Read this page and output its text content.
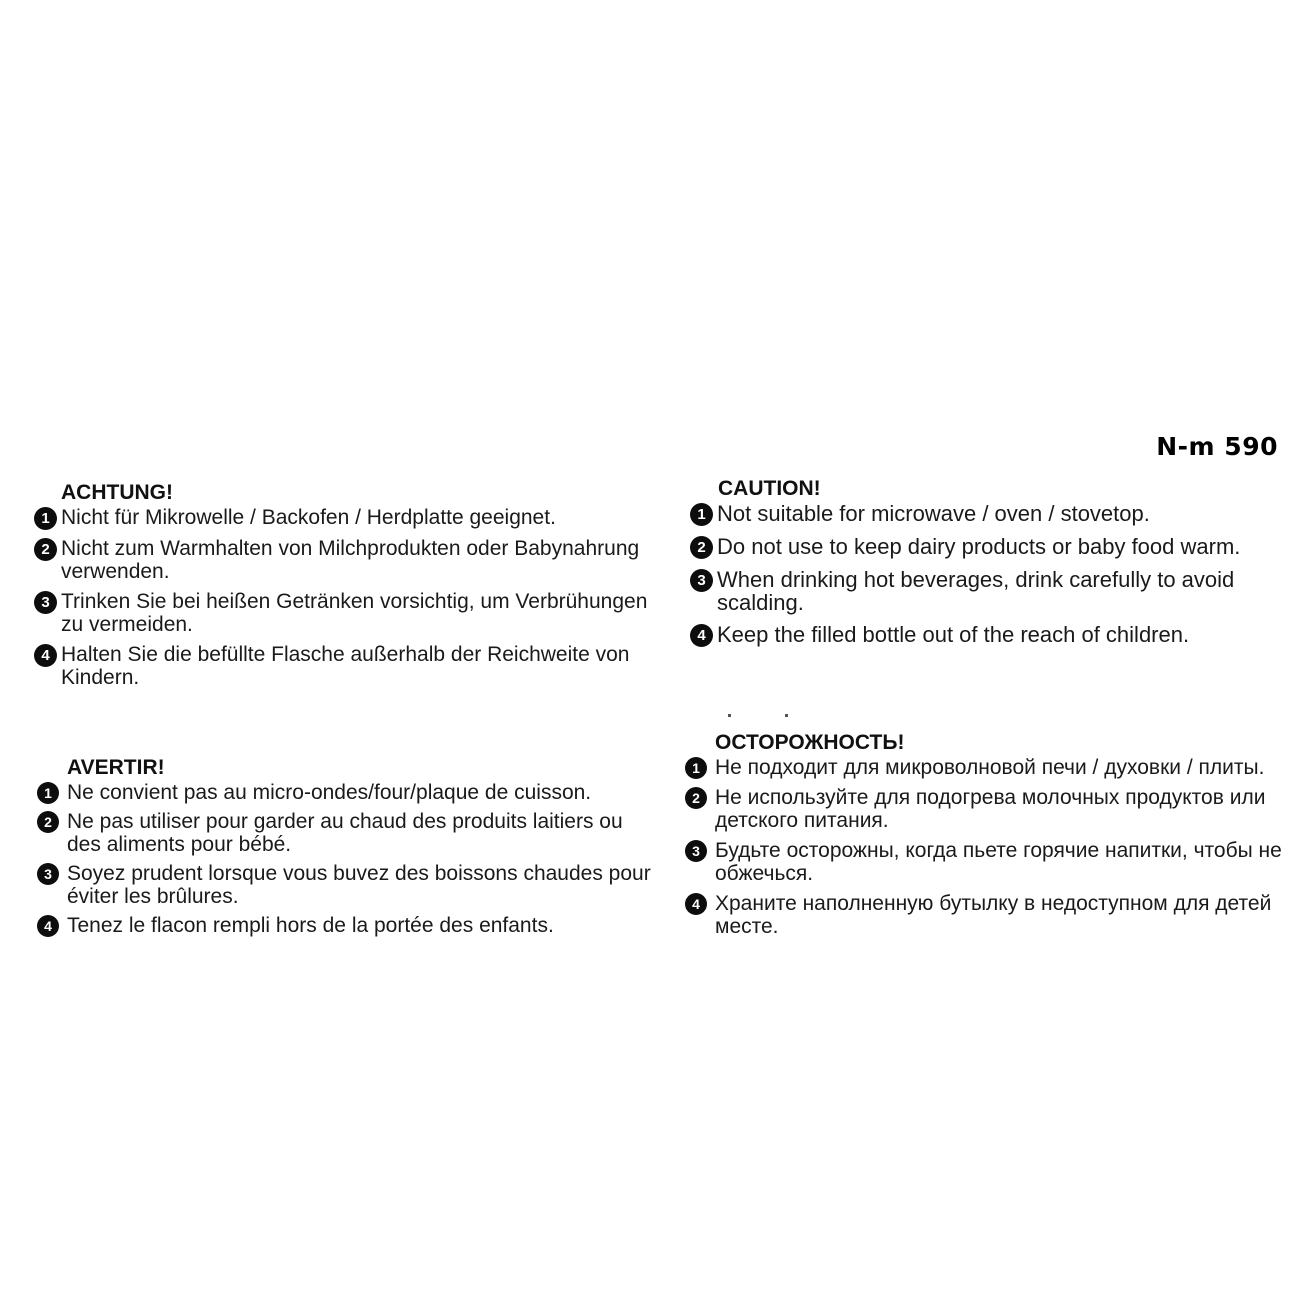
N-m 590
ACHTUNG!
1 Nicht für Mikrowelle / Backofen / Herdplatte geeignet.
2 Nicht zum Warmhalten von Milchprodukten oder Babynahrung verwenden.
3 Trinken Sie bei heißen Getränken vorsichtig, um Verbrühungen zu vermeiden.
4 Halten Sie die befüllte Flasche außerhalb der Reichweite von Kindern.
CAUTION!
1 Not suitable for microwave / oven / stovetop.
2 Do not use to keep dairy products or baby food warm.
3 When drinking hot beverages, drink carefully to avoid scalding.
4 Keep the filled bottle out of the reach of children.
AVERTIR!
1 Ne convient pas au micro-ondes/four/plaque de cuisson.
2 Ne pas utiliser pour garder au chaud des produits laitiers ou des aliments pour bébé.
3 Soyez prudent lorsque vous buvez des boissons chaudes pour éviter les brûlures.
4 Tenez le flacon rempli hors de la portée des enfants.
ОСТОРОЖНОСТЬ!
1 Не подходит для микроволновой печи / духовки / плиты.
2 Не используйте для подогрева молочных продуктов или детского питания.
3 Будьте осторожны, когда пьете горячие напитки, чтобы не обжечься.
4 Храните наполненную бутылку в недоступном для детей месте.
